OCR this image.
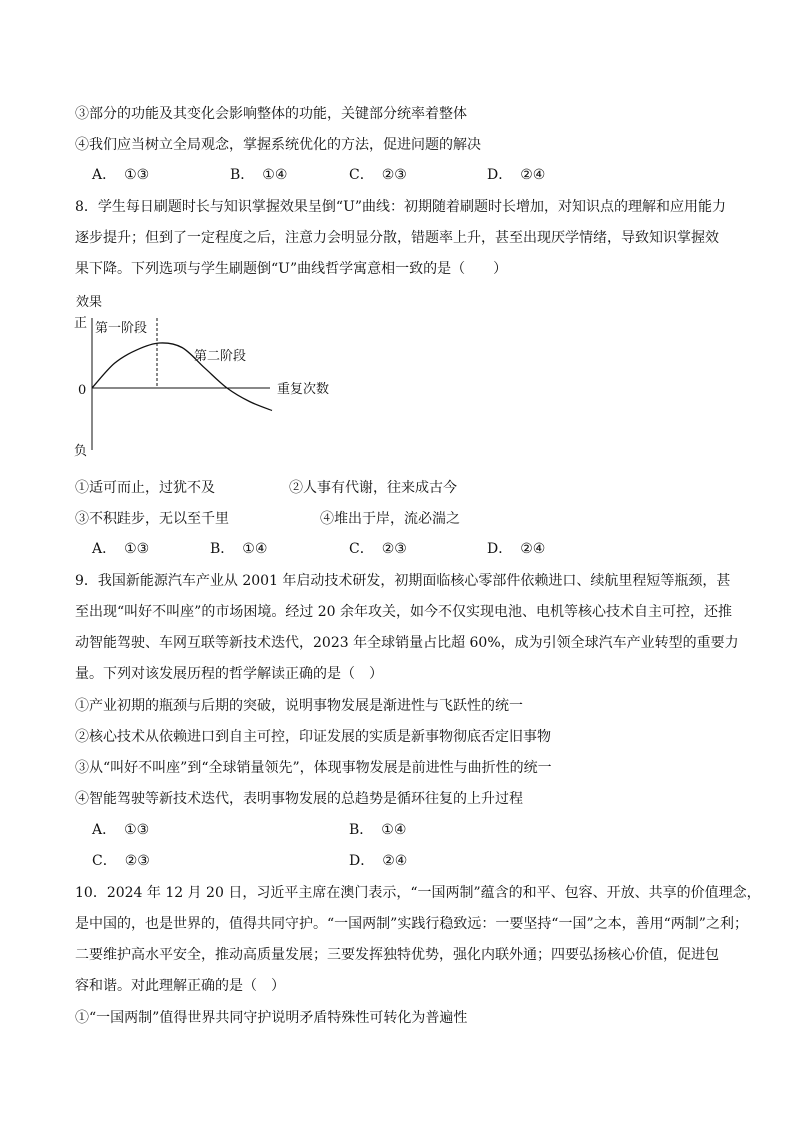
③部分的功能及其变化会影响整体的功能，关键部分统率着整体
④我们应当树立全局观念，掌握系统优化的方法，促进问题的解决
A． ①③	B． ①④	C． ②③	D． ②④
8．学生每日刷题时长与知识掌握效果呈倒“U”曲线：初期随着刷题时长增加，对知识点的理解和应用能力
逐步提升；但到了一定程度之后，注意力会明显分散，错题率上升，甚至出现厌学情绪，导致知识掌握效
果下降。下列选项与学生刷题倒“U”曲线哲学寓意相一致的是（　　）
效果
正
0
负
重复次数
第一阶段
第二阶段
①适可而止，过犹不及	②人事有代谢，往来成古今
③不积跬步，无以至千里	④堆出于岸，流必湍之
A． ①③	B． ①④	C． ②③	D． ②④
9．我国新能源汽车产业从 2001 年启动技术研发，初期面临核心零部件依赖进口、续航里程短等瓶颈，甚
至出现“叫好不叫座”的市场困境。经过 20 余年攻关，如今不仅实现电池、电机等核心技术自主可控，还推
动智能驾驶、车网互联等新技术迭代，2023 年全球销量占比超 60%，成为引领全球汽车产业转型的重要力
量。下列对该发展历程的哲学解读正确的是（　）
①产业初期的瓶颈与后期的突破，说明事物发展是渐进性与飞跃性的统一
②核心技术从依赖进口到自主可控，印证发展的实质是新事物彻底否定旧事物
③从“叫好不叫座”到“全球销量领先”，体现事物发展是前进性与曲折性的统一
④智能驾驶等新技术迭代，表明事物发展的总趋势是循环往复的上升过程
A． ①③	B． ①④
C． ②③	D． ②④
10．2024 年 12 月 20 日，习近平主席在澳门表示，“一国两制”蕴含的和平、包容、开放、共享的价值理念，
是中国的，也是世界的，值得共同守护。“一国两制”实践行稳致远：一要坚持“一国”之本，善用“两制”之利；
二要维护高水平安全，推动高质量发展；三要发挥独特优势，强化内联外通；四要弘扬核心价值，促进包
容和谐。对此理解正确的是（　）
①“一国两制”值得世界共同守护说明矛盾特殊性可转化为普遍性
